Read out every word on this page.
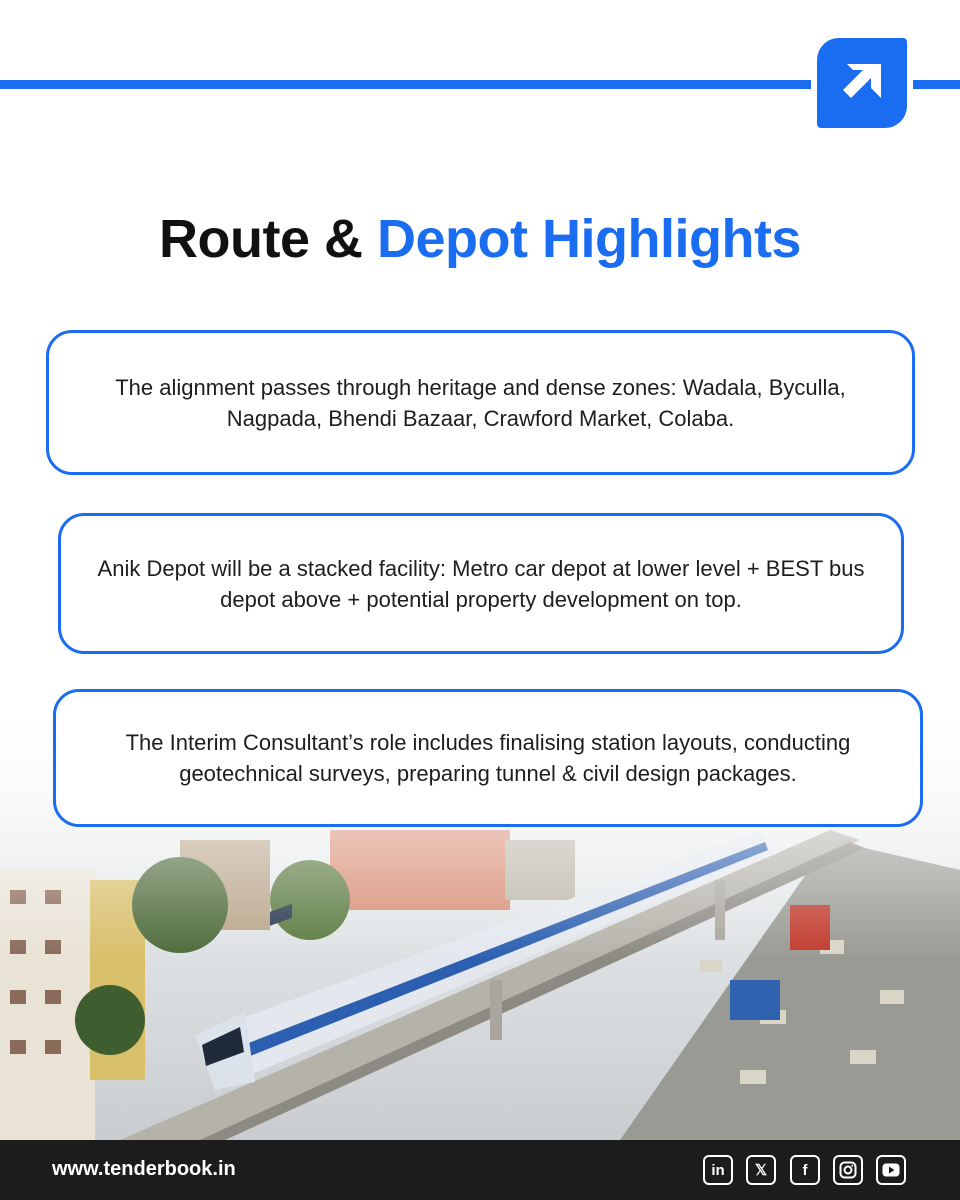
Route & Depot Highlights
The alignment passes through heritage and dense zones: Wadala, Byculla, Nagpada, Bhendi Bazaar, Crawford Market, Colaba.
Anik Depot will be a stacked facility: Metro car depot at lower level + BEST bus depot above + potential property development on top.
The Interim Consultant’s role includes finalising station layouts, conducting geotechnical surveys, preparing tunnel & civil design packages.
www.tenderbook.in	in 𝕏 f
